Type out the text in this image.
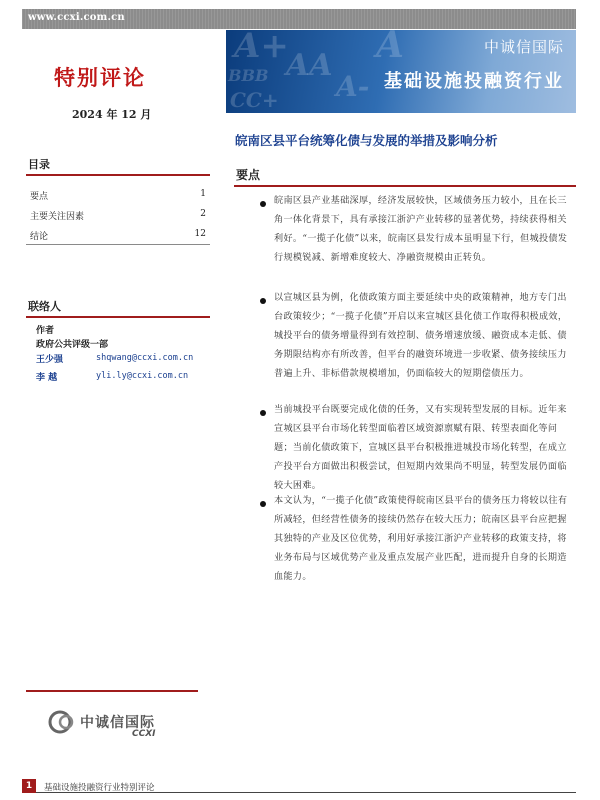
www.ccxi.com.cn
A+
BBB AA
CC+ A-
A	中诚信国际
基础设施投融资行业
特别评论
2024 年 12 月
皖南区县平台统筹化债与发展的举措及影响分析
目录
要点	1
主要关注因素	2
结论	12
联络人
作者
政府公共评级一部
王少强	shqwang@ccxi.com.cn
李 越	yli.ly@ccxi.com.cn
中诚信国际
CCXI
要点
皖南区县产业基础深厚，经济发展较快，区域债务压力较小，且在长三角一体化背景下，具有承接江浙沪产业转移的显著优势，持续获得相关利好。“一揽子化债”以来，皖南区县发行成本虽明显下行，但城投债发行规模锐减、新增难度较大、净融资规模由正转负。
以宣城区县为例，化债政策方面主要延续中央的政策精神，地方专门出台政策较少；“一揽子化债”开启以来宣城区县化债工作取得积极成效，城投平台的债务增量得到有效控制、债务增速放缓、融资成本走低、债务期限结构亦有所改善，但平台的融资环境进一步收紧、债务接续压力普遍上升、非标借款规模增加，仍面临较大的短期偿债压力。
当前城投平台既要完成化债的任务，又有实现转型发展的目标。近年来宣城区县平台市场化转型面临着区域资源禀赋有限、转型表面化等问题；当前化债政策下，宣城区县平台积极推进城投市场化转型，在成立产投平台方面做出积极尝试，但短期内效果尚不明显，转型发展仍面临较大困难。
本文认为，“一揽子化债”政策使得皖南区县平台的债务压力将较以往有所减轻，但经营性债务的接续仍然存在较大压力；皖南区县平台应把握其独特的产业及区位优势，利用好承接江浙沪产业转移的政策支持，将业务布局与区域优势产业及重点发展产业匹配，进而提升自身的长期造血能力。
1	基础设施投融资行业特别评论
